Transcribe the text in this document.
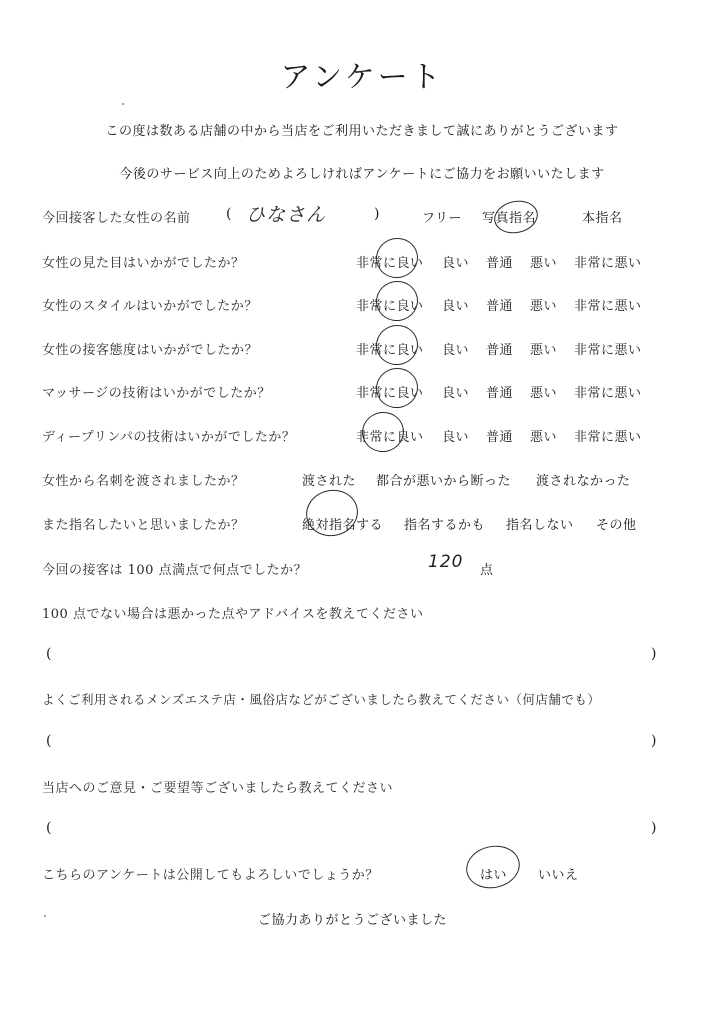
アンケート
この度は数ある店舗の中から当店をご利用いただきまして誠にありがとうございます
今後のサービス向上のためよろしければアンケートにご協力をお願いいたします
今回接客した女性の名前	( ひなさん	)	フリー 写真指名	本指名
女性の見た目はいかがでしたか？	非常に良い 良い 普通 悪い 非常に悪い
女性のスタイルはいかがでしたか？	非常に良い 良い 普通 悪い 非常に悪い
女性の接客態度はいかがでしたか？	非常に良い 良い 普通 悪い 非常に悪い
マッサージの技術はいかがでしたか？	非常に良い 良い 普通 悪い 非常に悪い
ディープリンパの技術はいかがでしたか？	非常に良い 良い 普通 悪い 非常に悪い
女性から名刺を渡されましたか？	渡された 都合が悪いから断った 渡されなかった
また指名したいと思いましたか？	絶対指名する 指名するかも 指名しない その他
今回の接客は 100 点満点で何点でしたか？	120 点
100 点でない場合は悪かった点やアドバイスを教えてください
(	)
よくご利用されるメンズエステ店・風俗店などがございましたら教えてください（何店舗でも）
(	)
当店へのご意見・ご要望等ございましたら教えてください
(	)
こちらのアンケートは公開してもよろしいでしょうか？	はい いいえ
ご協力ありがとうございました
